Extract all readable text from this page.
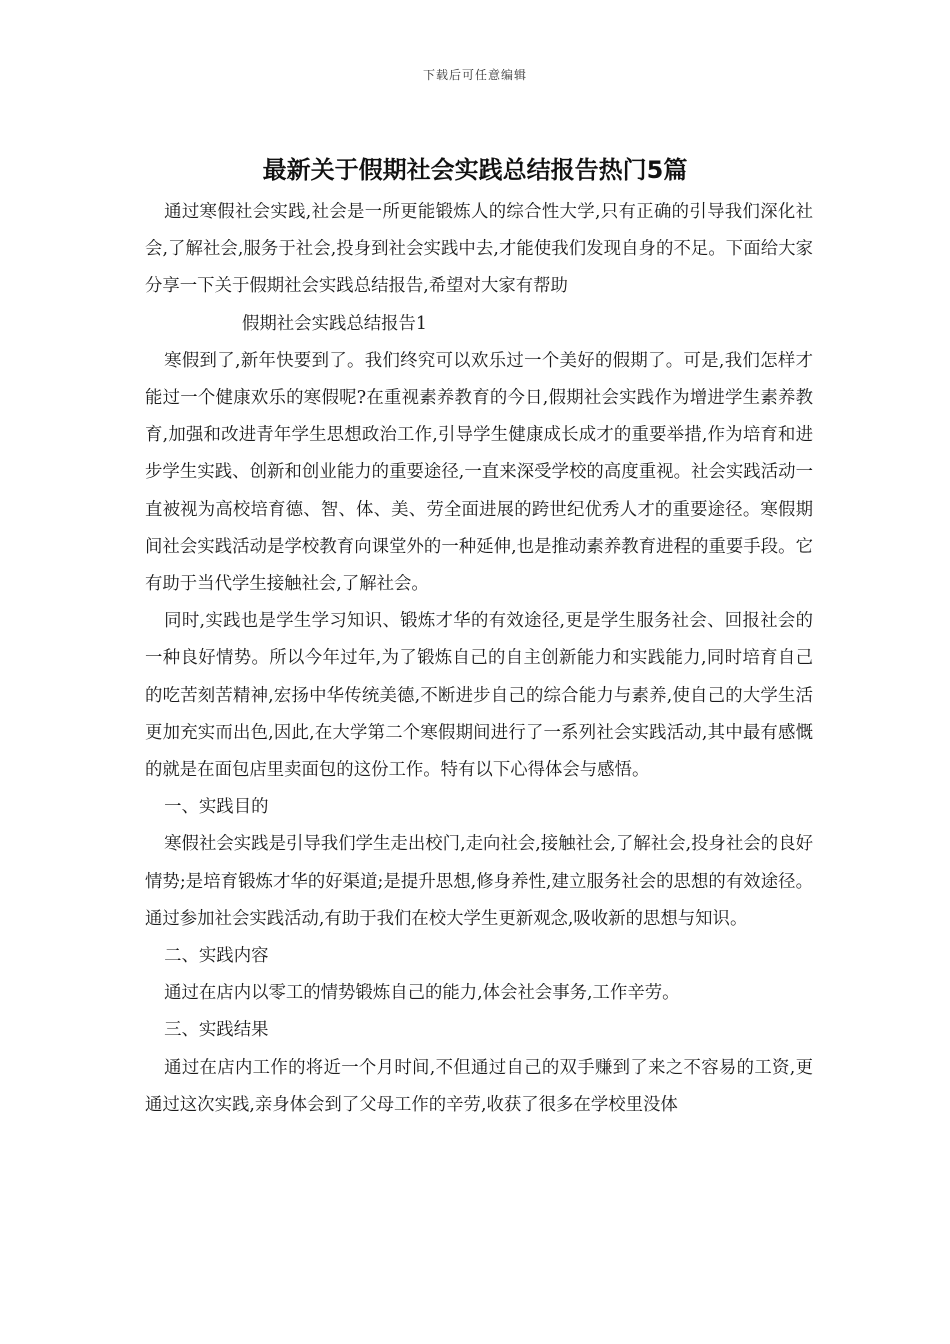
下载后可任意编辑
最新关于假期社会实践总结报告热门5篇

通过寒假社会实践,社会是一所更能锻炼人的综合性大学,只有正确的引导我们深化社会,了解社会,服务于社会,投身到社会实践中去,才能使我们发现自身的不足。下面给大家分享一下关于假期社会实践总结报告,希望对大家有帮助

假期社会实践总结报告1

寒假到了,新年快要到了。我们终究可以欢乐过一个美好的假期了。可是,我们怎样才能过一个健康欢乐的寒假呢?在重视素养教育的今日,假期社会实践作为增进学生素养教育,加强和改进青年学生思想政治工作,引导学生健康成长成才的重要举措,作为培育和进步学生实践、创新和创业能力的重要途径,一直来深受学校的高度重视。社会实践活动一直被视为高校培育德、智、体、美、劳全面进展的跨世纪优秀人才的重要途径。寒假期间社会实践活动是学校教育向课堂外的一种延伸,也是推动素养教育进程的重要手段。它有助于当代学生接触社会,了解社会。

同时,实践也是学生学习知识、锻炼才华的有效途径,更是学生服务社会、回报社会的一种良好情势。所以今年过年,为了锻炼自己的自主创新能力和实践能力,同时培育自己的吃苦刻苦精神,宏扬中华传统美德,不断进步自己的综合能力与素养,使自己的大学生活更加充实而出色,因此,在大学第二个寒假期间进行了一系列社会实践活动,其中最有感慨的就是在面包店里卖面包的这份工作。特有以下心得体会与感悟。

一、实践目的

寒假社会实践是引导我们学生走出校门,走向社会,接触社会,了解社会,投身社会的良好情势;是培育锻炼才华的好渠道;是提升思想,修身养性,建立服务社会的思想的有效途径。通过参加社会实践活动,有助于我们在校大学生更新观念,吸收新的思想与知识。

二、实践内容

通过在店内以零工的情势锻炼自己的能力,体会社会事务,工作辛劳。

三、实践结果

通过在店内工作的将近一个月时间,不但通过自己的双手赚到了来之不容易的工资,更通过这次实践,亲身体会到了父母工作的辛劳,收获了很多在学校里没体
